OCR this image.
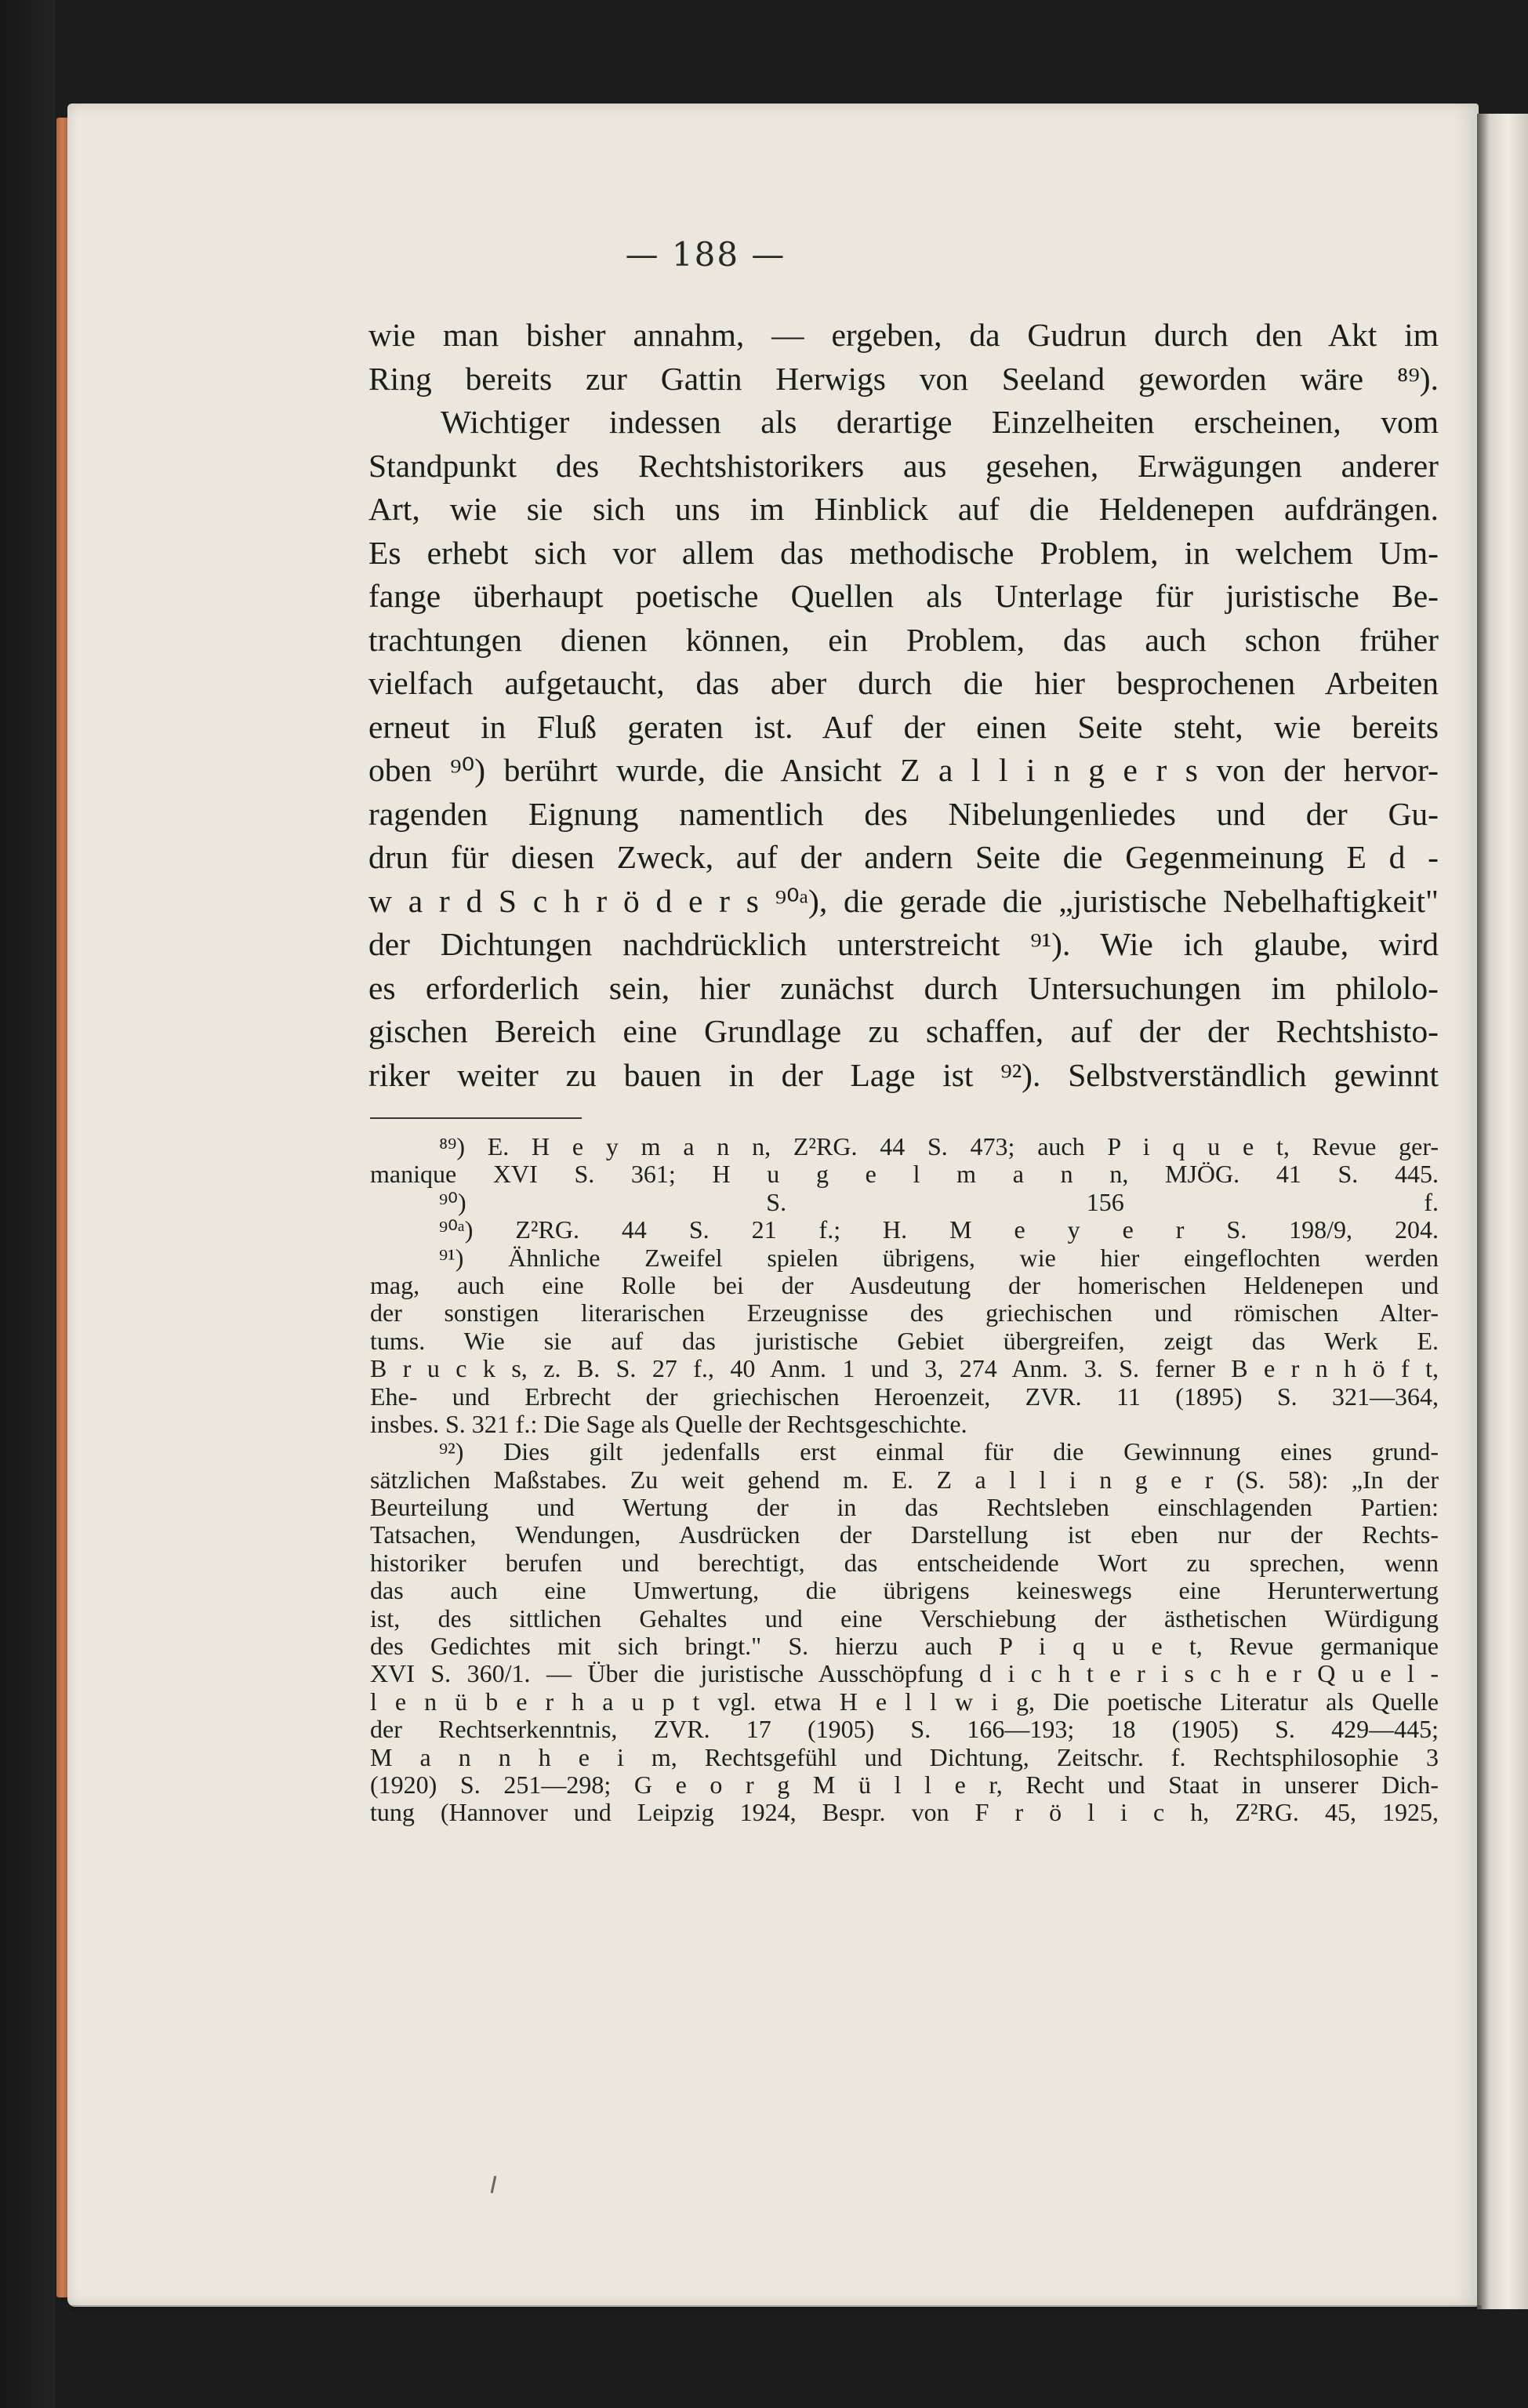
— 188 —
wie man bisher annahm, — ergeben, da Gudrun durch den Akt im
Ring bereits zur Gattin Herwigs von Seeland geworden wäre ⁸⁹).
Wichtiger indessen als derartige Einzelheiten erscheinen, vom
Standpunkt des Rechtshistorikers aus gesehen, Erwägungen anderer
Art, wie sie sich uns im Hinblick auf die Heldenepen aufdrängen.
Es erhebt sich vor allem das methodische Problem, in welchem Um-
fange überhaupt poetische Quellen als Unterlage für juristische Be-
trachtungen dienen können, ein Problem, das auch schon früher
vielfach aufgetaucht, das aber durch die hier besprochenen Arbeiten
erneut in Fluß geraten ist. Auf der einen Seite steht, wie bereits
oben ⁹⁰) berührt wurde, die Ansicht Z a l l i n g e r s von der hervor-
ragenden Eignung namentlich des Nibelungenliedes und der Gu-
drun für diesen Zweck, auf der andern Seite die Gegenmeinung E d -
w a r d S c h r ö d e r s ⁹⁰ᵃ), die gerade die „juristische Nebelhaftigkeit"
der Dichtungen nachdrücklich unterstreicht ⁹¹). Wie ich glaube, wird
es erforderlich sein, hier zunächst durch Untersuchungen im philolo-
gischen Bereich eine Grundlage zu schaffen, auf der der Rechtshisto-
riker weiter zu bauen in der Lage ist ⁹²). Selbstverständlich gewinnt
⁸⁹) E. H e y m a n n, Z²RG. 44 S. 473; auch P i q u e t, Revue ger-
manique XVI S. 361; H u g e l m a n n, MJÖG. 41 S. 445.
⁹⁰) S. 156 f.
⁹⁰ᵃ) Z²RG. 44 S. 21 f.; H. M e y e r S. 198/9, 204.
⁹¹) Ähnliche Zweifel spielen übrigens, wie hier eingeflochten werden
mag, auch eine Rolle bei der Ausdeutung der homerischen Heldenepen und
der sonstigen literarischen Erzeugnisse des griechischen und römischen Alter-
tums. Wie sie auf das juristische Gebiet übergreifen, zeigt das Werk E.
B r u c k s, z. B. S. 27 f., 40 Anm. 1 und 3, 274 Anm. 3. S. ferner B e r n h ö f t,
Ehe- und Erbrecht der griechischen Heroenzeit, ZVR. 11 (1895) S. 321—364,
insbes. S. 321 f.: Die Sage als Quelle der Rechtsgeschichte.
⁹²) Dies gilt jedenfalls erst einmal für die Gewinnung eines grund-
sätzlichen Maßstabes. Zu weit gehend m. E. Z a l l i n g e r (S. 58): „In der
Beurteilung und Wertung der in das Rechtsleben einschlagenden Partien:
Tatsachen, Wendungen, Ausdrücken der Darstellung ist eben nur der Rechts-
historiker berufen und berechtigt, das entscheidende Wort zu sprechen, wenn
das auch eine Umwertung, die übrigens keineswegs eine Herunterwertung
ist, des sittlichen Gehaltes und eine Verschiebung der ästhetischen Würdigung
des Gedichtes mit sich bringt." S. hierzu auch P i q u e t, Revue germanique
XVI S. 360/1. — Über die juristische Ausschöpfung d i c h t e r i s c h e r Q u e l -
l e n ü b e r h a u p t vgl. etwa H e l l w i g, Die poetische Literatur als Quelle
der Rechtserkenntnis, ZVR. 17 (1905) S. 166—193; 18 (1905) S. 429—445;
M a n n h e i m, Rechtsgefühl und Dichtung, Zeitschr. f. Rechtsphilosophie 3
(1920) S. 251—298; G e o r g M ü l l e r, Recht und Staat in unserer Dich-
tung (Hannover und Leipzig 1924, Bespr. von F r ö l i c h, Z²RG. 45, 1925,
